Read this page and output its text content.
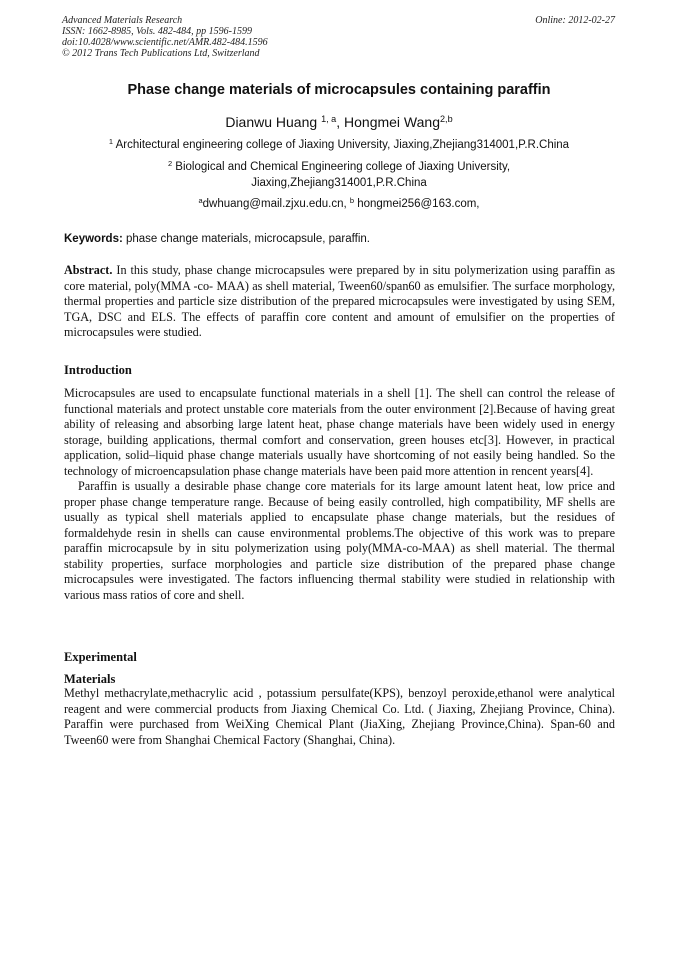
Advanced Materials Research
ISSN: 1662-8985, Vols. 482-484, pp 1596-1599
doi:10.4028/www.scientific.net/AMR.482-484.1596
© 2012 Trans Tech Publications Ltd, Switzerland
Online: 2012-02-27
Phase change materials of microcapsules containing paraffin
Dianwu Huang $^{1, a}$, Hongmei Wang$^{2,b}$
$^1$ Architectural engineering college of Jiaxing University, Jiaxing,Zhejiang314001,P.R.China
$^2$ Biological and Chemical Engineering college of Jiaxing University,
Jiaxing,Zhejiang314001,P.R.China
$^a$dwhuang@mail.zjxu.edu.cn, $^b$ hongmei256@163.com,
Keywords: phase change materials, microcapsule, paraffin.
Abstract. In this study, phase change microcapsules were prepared by in situ polymerization using paraffin as core material, poly(MMA -co- MAA) as shell material, Tween60/span60 as emulsifier. The surface morphology, thermal properties and particle size distribution of the prepared microcapsules were investigated by using SEM, TGA, DSC and ELS. The effects of paraffin core content and amount of emulsifier on the properties of microcapsules were studied.
Introduction

Microcapsules are used to encapsulate functional materials in a shell [1]. The shell can control the release of functional materials and protect unstable core materials from the outer environment [2].Because of having great ability of releasing and absorbing large latent heat, phase change materials have been widely used in energy storage, building applications, thermal comfort and conservation, green houses etc[3]. However, in practical application, solid–liquid phase change materials usually have shortcoming of not easily being handled. So the technology of microencapsulation phase change materials have been paid more attention in rencent years[4].

Paraffin is usually a desirable phase change core materials for its large amount latent heat, low price and proper phase change temperature range. Because of being easily controlled, high compatibility, MF shells are usually as typical shell materials applied to encapsulate phase change materials, but the residues of formaldehyde resin in shells can cause environmental problems.The objective of this work was to prepare paraffin microcapsule by in situ polymerization using poly(MMA-co-MAA) as shell material. The thermal stability properties, surface morphologies and particle size distribution of the prepared phase change microcapsules were investigated. The factors influencing thermal stability were studied in relationship with various mass ratios of core and shell.

Experimental
Materials
Methyl methacrylate,methacrylic acid , potassium persulfate(KPS), benzoyl peroxide,ethanol were analytical reagent and were commercial products from Jiaxing Chemical Co. Ltd. ( Jiaxing, Zhejiang Province, China). Paraffin were purchased from WeiXing Chemical Plant (JiaXing, Zhejiang Province,China). Span-60 and Tween60 were from Shanghai Chemical Factory (Shanghai, China).
